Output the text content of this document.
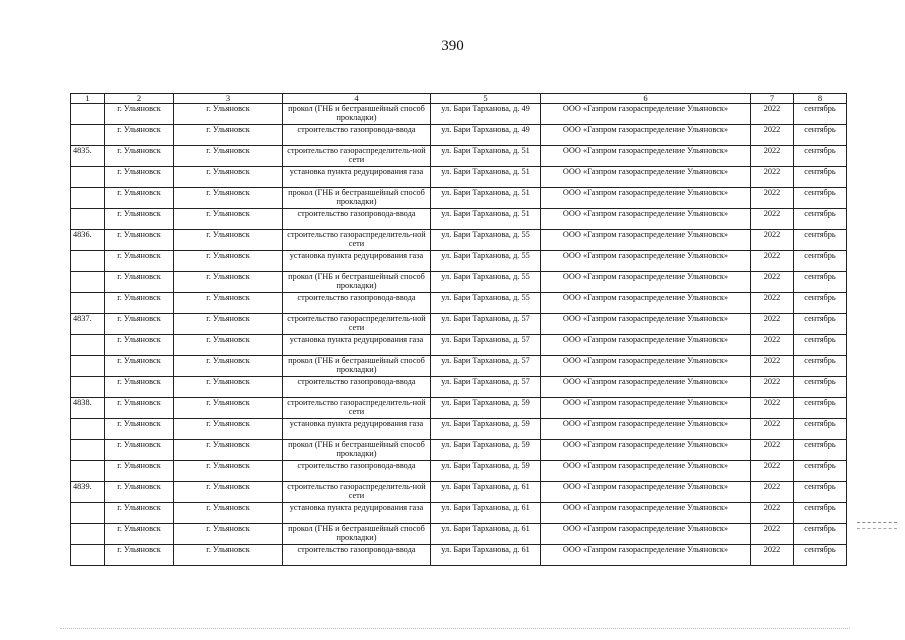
390
1	2	3	4	5	6	7	8
	г. Ульяновск	г. Ульяновск	прокол (ГНБ и бестраншейный способ прокладки)	ул. Бари Тарханова, д. 49	ООО «Газпром газораспределение Ульяновск»	2022	сентябрь
	г. Ульяновск	г. Ульяновск	строительство газопровода-ввода	ул. Бари Тарханова, д. 49	ООО «Газпром газораспределение Ульяновск»	2022	сентябрь
4835.	г. Ульяновск	г. Ульяновск	строительство газораспределитель-ной сети	ул. Бари Тарханова, д. 51	ООО «Газпром газораспределение Ульяновск»	2022	сентябрь
	г. Ульяновск	г. Ульяновск	установка пункта редуцирования газа	ул. Бари Тарханова, д. 51	ООО «Газпром газораспределение Ульяновск»	2022	сентябрь
	г. Ульяновск	г. Ульяновск	прокол (ГНБ и бестраншейный способ прокладки)	ул. Бари Тарханова, д. 51	ООО «Газпром газораспределение Ульяновск»	2022	сентябрь
	г. Ульяновск	г. Ульяновск	строительство газопровода-ввода	ул. Бари Тарханова, д. 51	ООО «Газпром газораспределение Ульяновск»	2022	сентябрь
4836.	г. Ульяновск	г. Ульяновск	строительство газораспределитель-ной сети	ул. Бари Тарханова, д. 55	ООО «Газпром газораспределение Ульяновск»	2022	сентябрь
	г. Ульяновск	г. Ульяновск	установка пункта редуцирования газа	ул. Бари Тарханова, д. 55	ООО «Газпром газораспределение Ульяновск»	2022	сентябрь
	г. Ульяновск	г. Ульяновск	прокол (ГНБ и бестраншейный способ прокладки)	ул. Бари Тарханова, д. 55	ООО «Газпром газораспределение Ульяновск»	2022	сентябрь
	г. Ульяновск	г. Ульяновск	строительство газопровода-ввода	ул. Бари Тарханова, д. 55	ООО «Газпром газораспределение Ульяновск»	2022	сентябрь
4837.	г. Ульяновск	г. Ульяновск	строительство газораспределитель-ной сети	ул. Бари Тарханова, д. 57	ООО «Газпром газораспределение Ульяновск»	2022	сентябрь
	г. Ульяновск	г. Ульяновск	установка пункта редуцирования газа	ул. Бари Тарханова, д. 57	ООО «Газпром газораспределение Ульяновск»	2022	сентябрь
	г. Ульяновск	г. Ульяновск	прокол (ГНБ и бестраншейный способ прокладки)	ул. Бари Тарханова, д. 57	ООО «Газпром газораспределение Ульяновск»	2022	сентябрь
	г. Ульяновск	г. Ульяновск	строительство газопровода-ввода	ул. Бари Тарханова, д. 57	ООО «Газпром газораспределение Ульяновск»	2022	сентябрь
4838.	г. Ульяновск	г. Ульяновск	строительство газораспределитель-ной сети	ул. Бари Тарханова, д. 59	ООО «Газпром газораспределение Ульяновск»	2022	сентябрь
	г. Ульяновск	г. Ульяновск	установка пункта редуцирования газа	ул. Бари Тарханова, д. 59	ООО «Газпром газораспределение Ульяновск»	2022	сентябрь
	г. Ульяновск	г. Ульяновск	прокол (ГНБ и бестраншейный способ прокладки)	ул. Бари Тарханова, д. 59	ООО «Газпром газораспределение Ульяновск»	2022	сентябрь
	г. Ульяновск	г. Ульяновск	строительство газопровода-ввода	ул. Бари Тарханова, д. 59	ООО «Газпром газораспределение Ульяновск»	2022	сентябрь
4839.	г. Ульяновск	г. Ульяновск	строительство газораспределитель-ной сети	ул. Бари Тарханова, д. 61	ООО «Газпром газораспределение Ульяновск»	2022	сентябрь
	г. Ульяновск	г. Ульяновск	установка пункта редуцирования газа	ул. Бари Тарханова, д. 61	ООО «Газпром газораспределение Ульяновск»	2022	сентябрь
	г. Ульяновск	г. Ульяновск	прокол (ГНБ и бестраншейный способ прокладки)	ул. Бари Тарханова, д. 61	ООО «Газпром газораспределение Ульяновск»	2022	сентябрь
	г. Ульяновск	г. Ульяновск	строительство газопровода-ввода	ул. Бари Тарханова, д. 61	ООО «Газпром газораспределение Ульяновск»	2022	сентябрь
